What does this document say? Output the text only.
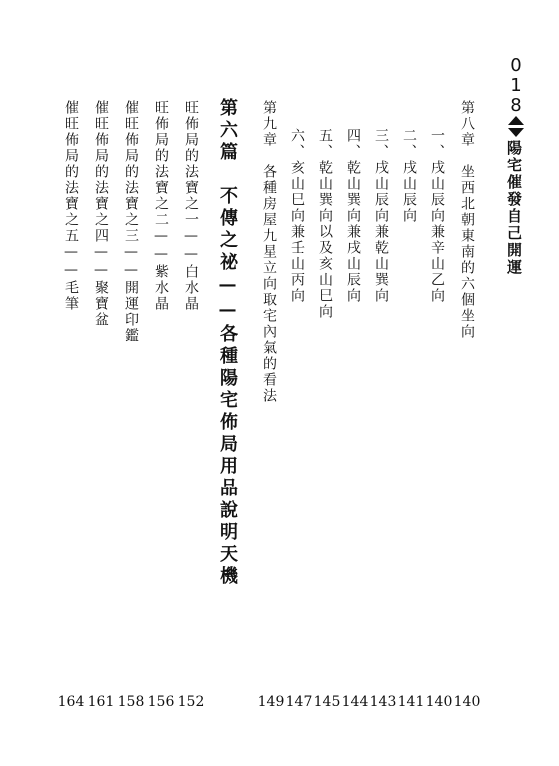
0
1
8
陽宅催發自己開運
第八章　坐西北朝東南的六個坐向
一、戌山辰向兼辛山乙向
二、戌山辰向
三、戌山辰向兼乾山巽向
四、乾山巽向兼戌山辰向
五、乾山巽向以及亥山巳向
六、亥山巳向兼壬山丙向
第九章　各種房屋九星立向取宅內氣的看法
第六篇　不傳之祕——各種陽宅佈局用品說明天機
旺佈局的法寶之一——白水晶
旺佈局的法寶之二——紫水晶
催旺佈局的法寶之三——開運印鑑
催旺佈局的法寶之四——聚寶盆
催旺佈局的法寶之五——毛筆
140
140
141
143
144
145
147
149
152
156
158
161
164
